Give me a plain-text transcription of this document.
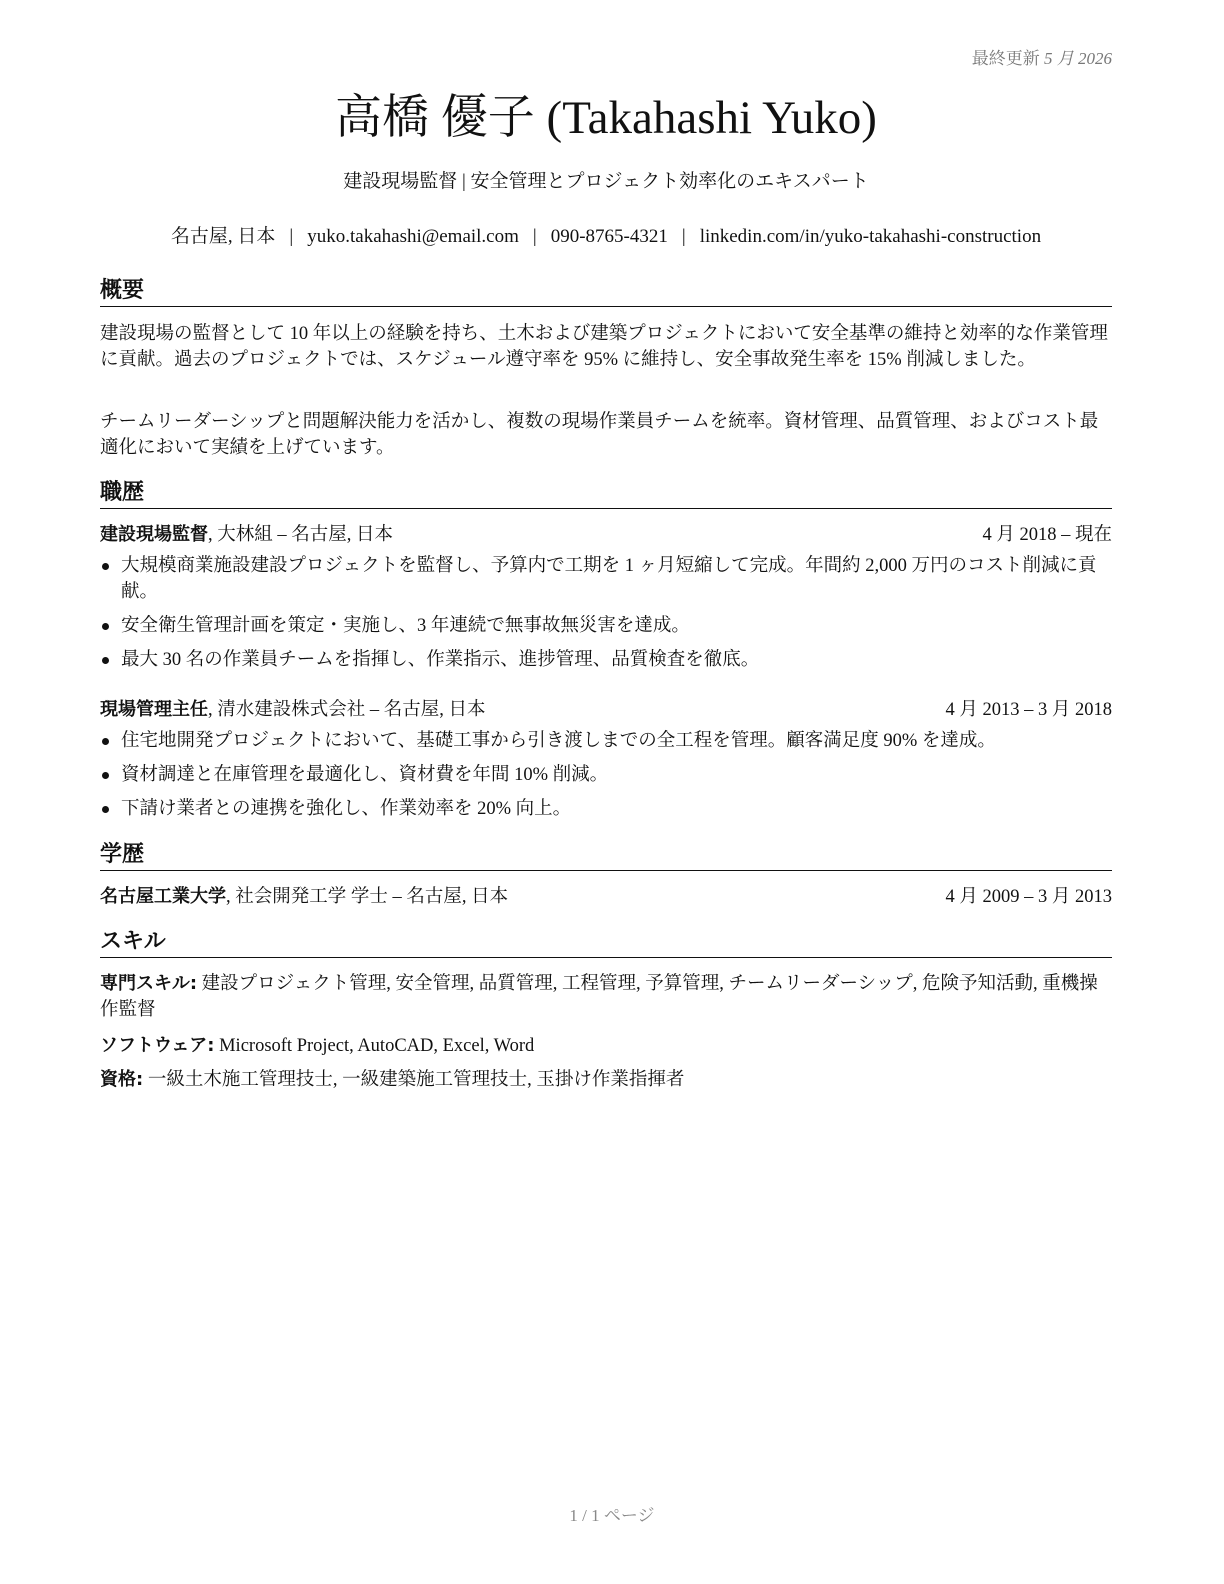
最終更新 5 月 2026
高橋 優子 (Takahashi Yuko)
建設現場監督 | 安全管理とプロジェクト効率化のエキスパート
名古屋, 日本 | yuko.takahashi@email.com | 090-8765-4321 | linkedin.com/in/yuko-takahashi-construction
概要
建設現場の監督として 10 年以上の経験を持ち、土木および建築プロジェクトにおいて安全基準の維持と効率的な作業管理に貢献。過去のプロジェクトでは、スケジュール遵守率を 95% に維持し、安全事故発生率を 15% 削減しました。
チームリーダーシップと問題解決能力を活かし、複数の現場作業員チームを統率。資材管理、品質管理、およびコスト最適化において実績を上げています。
職歴
建設現場監督, 大林組 – 名古屋, 日本	4 月 2018 – 現在
大規模商業施設建設プロジェクトを監督し、予算内で工期を 1 ヶ月短縮して完成。年間約 2,000 万円のコスト削減に貢献。
安全衛生管理計画を策定・実施し、3 年連続で無事故無災害を達成。
最大 30 名の作業員チームを指揮し、作業指示、進捗管理、品質検査を徹底。
現場管理主任, 清水建設株式会社 – 名古屋, 日本	4 月 2013 – 3 月 2018
住宅地開発プロジェクトにおいて、基礎工事から引き渡しまでの全工程を管理。顧客満足度 90% を達成。
資材調達と在庫管理を最適化し、資材費を年間 10% 削減。
下請け業者との連携を強化し、作業効率を 20% 向上。
学歴
名古屋工業大学, 社会開発工学 学士 – 名古屋, 日本	4 月 2009 – 3 月 2013
スキル
専門スキル: 建設プロジェクト管理, 安全管理, 品質管理, 工程管理, 予算管理, チームリーダーシップ, 危険予知活動, 重機操作監督
ソフトウェア: Microsoft Project, AutoCAD, Excel, Word
資格: 一級土木施工管理技士, 一級建築施工管理技士, 玉掛け作業指揮者
1 / 1 ページ
